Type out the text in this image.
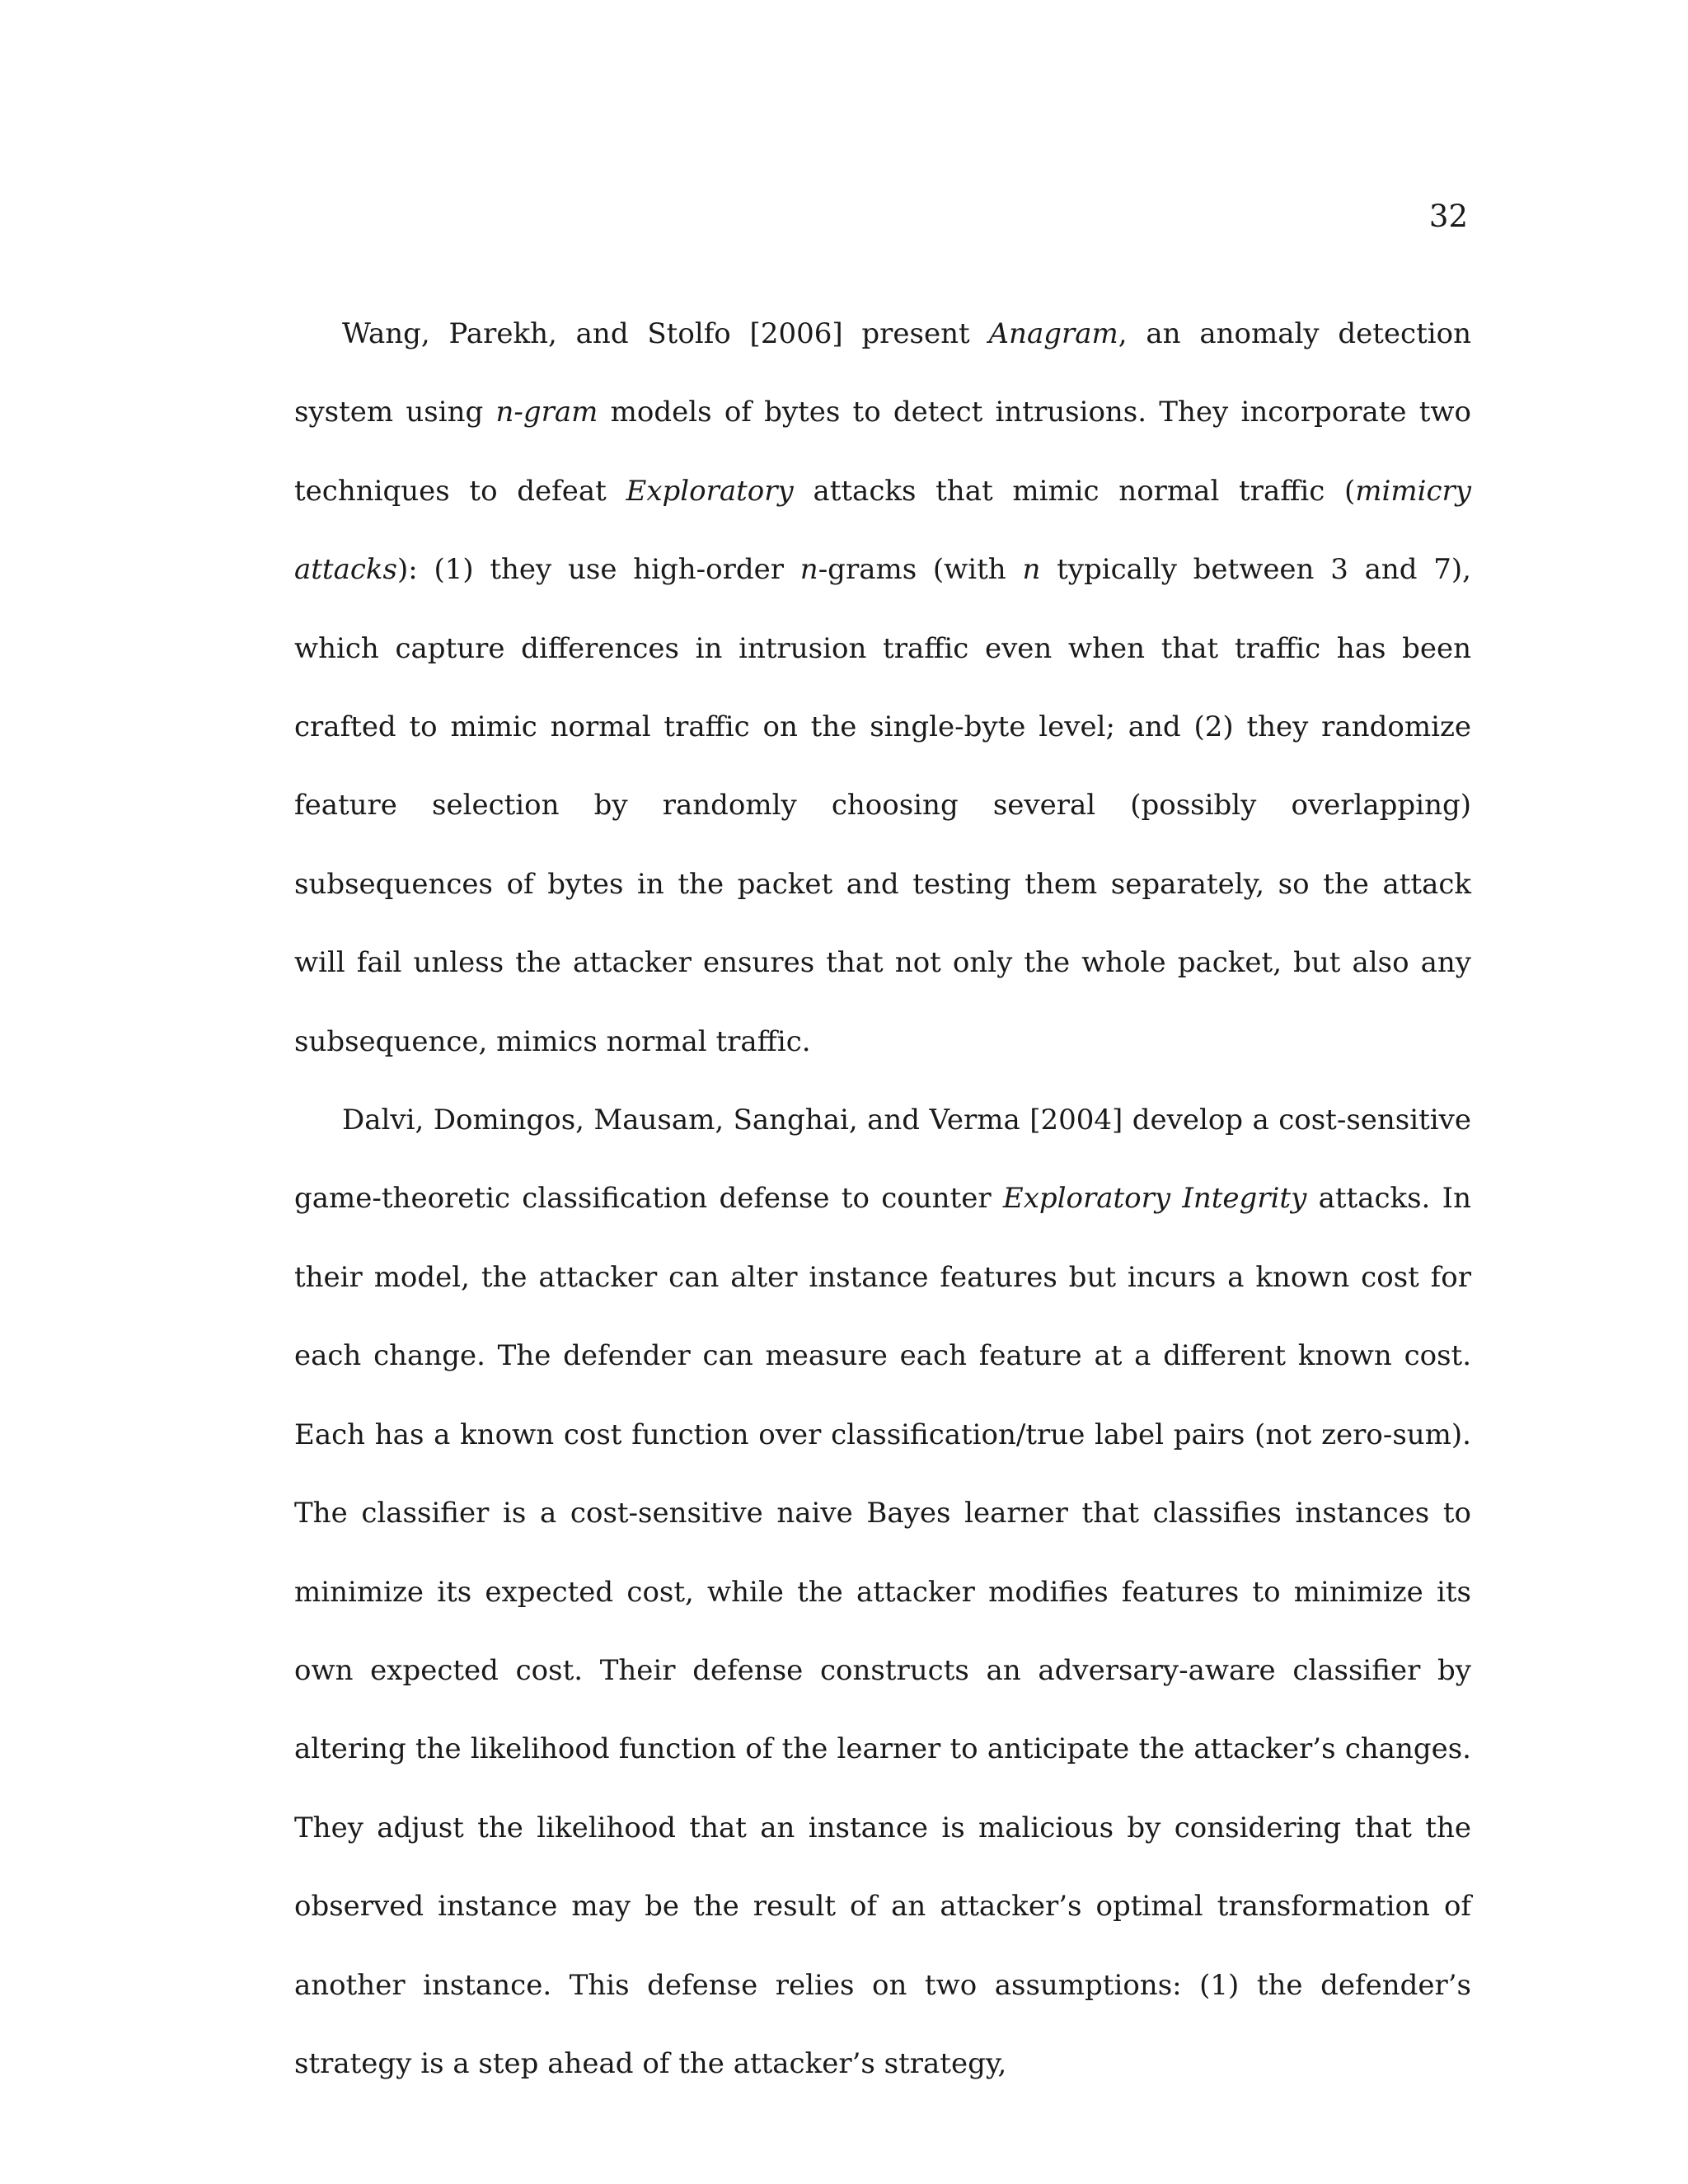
32

Wang, Parekh, and Stolfo [2006] present Anagram, an anomaly detection system using n-gram models of bytes to detect intrusions. They incorporate two techniques to defeat Exploratory attacks that mimic normal traffic (mimicry attacks): (1) they use high-order n-grams (with n typically between 3 and 7), which capture differences in intrusion traffic even when that traffic has been crafted to mimic normal traffic on the single-byte level; and (2) they randomize feature selection by randomly choosing several (possibly overlapping) subsequences of bytes in the packet and testing them separately, so the attack will fail unless the attacker ensures that not only the whole packet, but also any subsequence, mimics normal traffic.

Dalvi, Domingos, Mausam, Sanghai, and Verma [2004] develop a cost-sensitive game-theoretic classification defense to counter Exploratory Integrity attacks. In their model, the attacker can alter instance features but incurs a known cost for each change. The defender can measure each feature at a different known cost. Each has a known cost function over classification/true label pairs (not zero-sum). The classifier is a cost-sensitive naive Bayes learner that classifies instances to minimize its expected cost, while the attacker modifies features to minimize its own expected cost. Their defense constructs an adversary-aware classifier by altering the likelihood function of the learner to anticipate the attacker’s changes. They adjust the likelihood that an instance is malicious by considering that the observed instance may be the result of an attacker’s optimal transformation of another instance. This defense relies on two assumptions: (1) the defender’s strategy is a step ahead of the attacker’s strategy,
